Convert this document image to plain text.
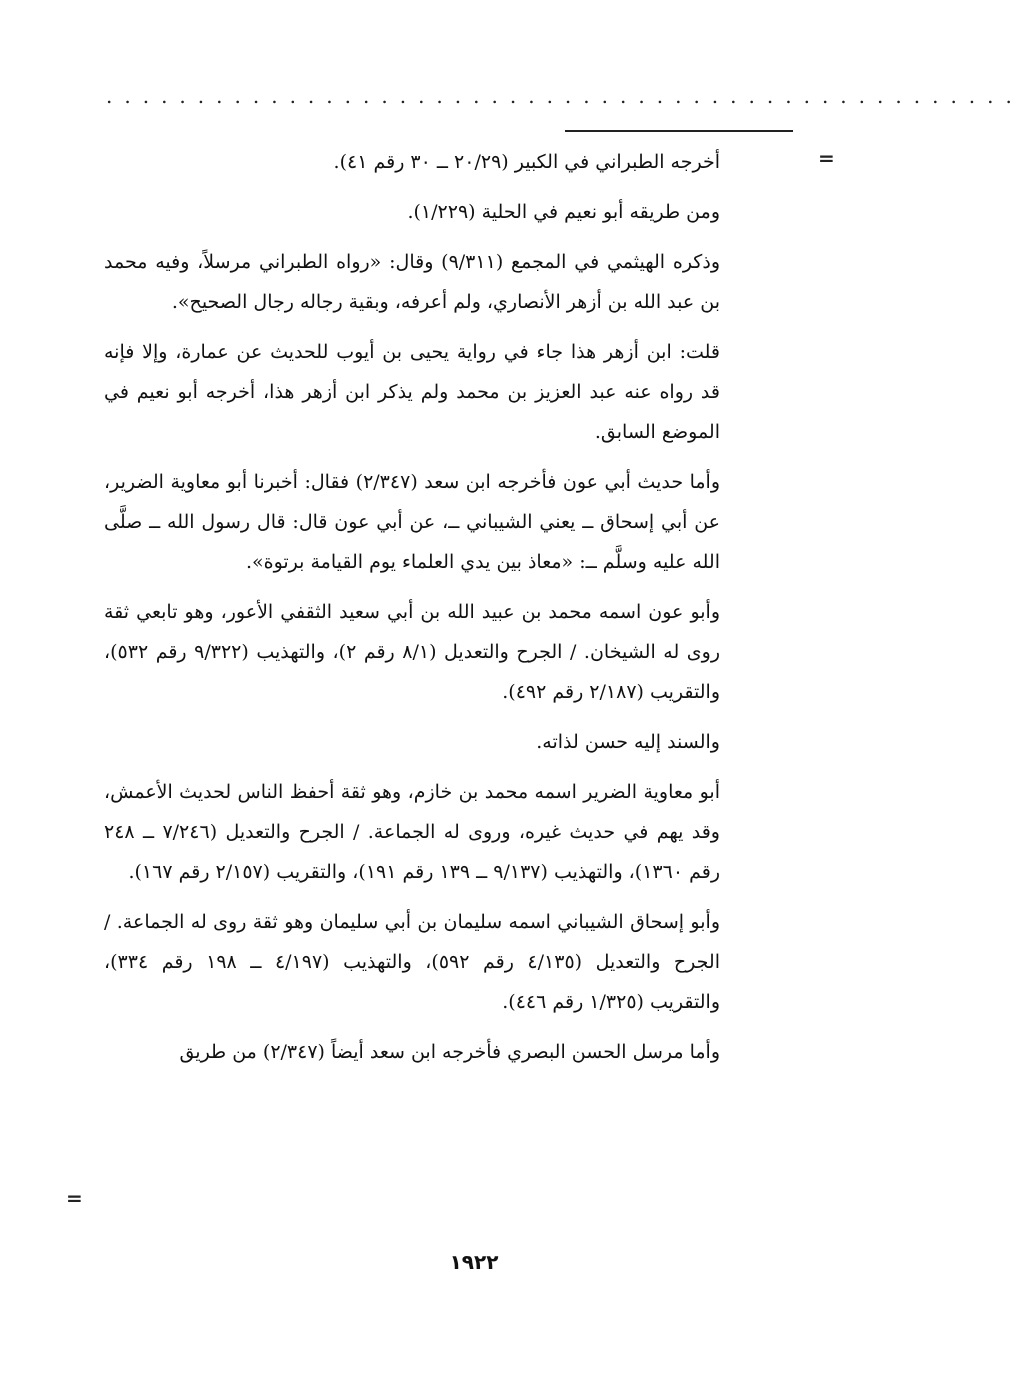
..................................................
=
=

أخرجه الطبراني في الكبير (٢٠/٢٩ ــ ٣٠ رقم ٤١).

ومن طريقه أبو نعيم في الحلية (١/٢٢٩).

وذكره الهيثمي في المجمع (٩/٣١١) وقال: «رواه الطبراني مرسلاً، وفيه محمد بن عبد الله بن أزهر الأنصاري، ولم أعرفه، وبقية رجاله رجال الصحيح».

قلت: ابن أزهر هذا جاء في رواية يحيى بن أيوب للحديث عن عمارة، وإلا فإنه قد رواه عنه عبد العزيز بن محمد ولم يذكر ابن أزهر هذا، أخرجه أبو نعيم في الموضع السابق.

وأما حديث أبي عون فأخرجه ابن سعد (٢/٣٤٧) فقال: أخبرنا أبو معاوية الضرير، عن أبي إسحاق ــ يعني الشيباني ــ، عن أبي عون قال: قال رسول الله ــ صلَّى الله عليه وسلَّم ــ: «معاذ بين يدي العلماء يوم القيامة برتوة».

وأبو عون اسمه محمد بن عبيد الله بن أبي سعيد الثقفي الأعور، وهو تابعي ثقة روى له الشيخان. / الجرح والتعديل (٨/١ رقم ٢)، والتهذيب (٩/٣٢٢ رقم ٥٣٢)، والتقريب (٢/١٨٧ رقم ٤٩٢).

والسند إليه حسن لذاته.

أبو معاوية الضرير اسمه محمد بن خازم، وهو ثقة أحفظ الناس لحديث الأعمش، وقد يهم في حديث غيره، وروى له الجماعة. / الجرح والتعديل (٧/٢٤٦ ــ ٢٤٨ رقم ١٣٦٠)، والتهذيب (٩/١٣٧ ــ ١٣٩ رقم ١٩١)، والتقريب (٢/١٥٧ رقم ١٦٧).

وأبو إسحاق الشيباني اسمه سليمان بن أبي سليمان وهو ثقة روى له الجماعة. / الجرح والتعديل (٤/١٣٥ رقم ٥٩٢)، والتهذيب (٤/١٩٧ ــ ١٩٨ رقم ٣٣٤)، والتقريب (١/٣٢٥ رقم ٤٤٦).

وأما مرسل الحسن البصري فأخرجه ابن سعد أيضاً (٢/٣٤٧) من طريق

١٩٢٢
